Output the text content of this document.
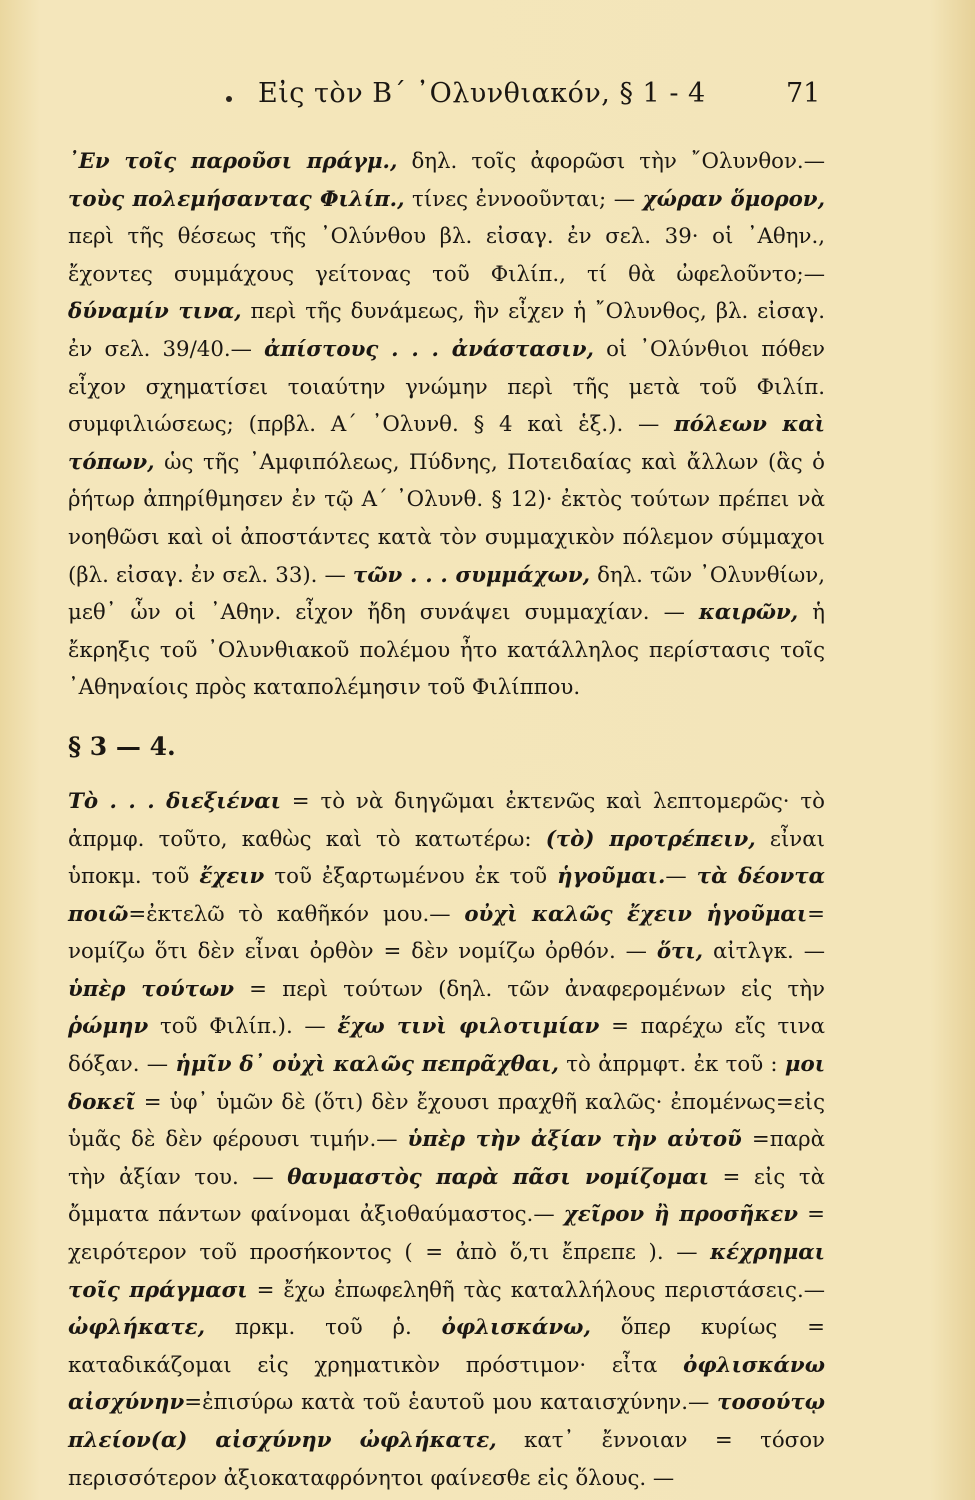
Εἰς τὸν Β´ ᾿Ολυνθιακόν, § 1 - 4	71

᾿Εν τοῖς παροῦσι πράγμ., δηλ. τοῖς ἀφορῶσι τὴν ῎Ολυνθον.— τοὺς πολεμήσαντας Φιλίπ., τίνες ἐννοοῦνται; — χώραν ὅμορον, περὶ τῆς θέσεως τῆς ᾿Ολύνθου βλ. εἰσαγ. ἐν σελ. 39· οἱ ᾿Αθην., ἔχοντες συμμάχους γείτονας τοῦ Φιλίπ., τί θὰ ὠφελοῦντο;— δύναμίν τινα, περὶ τῆς δυνάμεως, ἣν εἶχεν ἡ ῎Ολυνθος, βλ. εἰσαγ. ἐν σελ. 39/40.— ἀπίστους . . . ἀνάστασιν, οἱ ᾿Ολύνθιοι πόθεν εἶχον σχηματίσει τοιαύτην γνώμην περὶ τῆς μετὰ τοῦ Φιλίπ. συμφιλιώσεως; (πρβλ. Α´ ᾿Ολυνθ. § 4 καὶ ἑξ.). — πόλεων καὶ τόπων, ὡς τῆς ᾿Αμφιπόλεως, Πύδνης, Ποτειδαίας καὶ ἄλλων (ἃς ὁ ῥήτωρ ἀπηρίθμησεν ἐν τῷ Α´ ᾿Ολυνθ. § 12)· ἐκτὸς τούτων πρέπει νὰ νοηθῶσι καὶ οἱ ἀποστάντες κατὰ τὸν συμμαχικὸν πόλεμον σύμμαχοι (βλ. εἰσαγ. ἐν σελ. 33). — τῶν . . . συμμάχων, δηλ. τῶν ᾿Ολυνθίων, μεθ᾿ ὧν οἱ ᾿Αθην. εἶχον ἤδη συνάψει συμμαχίαν. — καιρῶν, ἡ ἔκρηξις τοῦ ᾿Ολυνθιακοῦ πολέμου ἦτο κατάλληλος περίστασις τοῖς ᾿Αθηναίοις πρὸς καταπολέμησιν τοῦ Φιλίππου.

§ 3 — 4.

Τὸ . . . διεξιέναι = τὸ νὰ διηγῶμαι ἐκτενῶς καὶ λεπτομερῶς· τὸ ἀπρμφ. τοῦτο, καθὼς καὶ τὸ κατωτέρω: (τὸ) προτρέπειν, εἶναι ὑποκμ. τοῦ ἔχειν τοῦ ἐξαρτωμένου ἐκ τοῦ ἡγοῦμαι.— τὰ δέοντα ποιῶ=ἐκτελῶ τὸ καθῆκόν μου.— οὐχὶ καλῶς ἔχειν ἡγοῦμαι= νομίζω ὅτι δὲν εἶναι ὀρθὸν = δὲν νομίζω ὀρθόν. — ὅτι, αἰτλγκ. — ὑπὲρ τούτων = περὶ τούτων (δηλ. τῶν ἀναφερομένων εἰς τὴν ῥώμην τοῦ Φιλίπ.). — ἔχω τινὶ φιλοτιμίαν = παρέχω εἴς τινα δόξαν. — ἡμῖν δ᾿ οὐχὶ καλῶς πεπρᾶχθαι, τὸ ἀπρμφτ. ἐκ τοῦ : μοι δοκεῖ = ὑφ᾿ ὑμῶν δὲ (ὅτι) δὲν ἔχουσι πραχθῆ καλῶς· ἐπομένως=εἰς ὑμᾶς δὲ δὲν φέρουσι τιμήν.— ὑπὲρ τὴν ἀξίαν τὴν αὐτοῦ =παρὰ τὴν ἀξίαν του. — θαυμαστὸς παρὰ πᾶσι νομίζομαι = εἰς τὰ ὄμματα πάντων φαίνομαι ἀξιοθαύμαστος.— χεῖρον ἢ προσῆκεν = χειρότερον τοῦ προσήκοντος ( = ἀπὸ ὅ,τι ἔπρεπε ). — κέχρημαι τοῖς πράγμασι = ἔχω ἐπωφεληθῆ τὰς καταλλήλους περιστάσεις.— ὠφλήκατε, πρκμ. τοῦ ῥ. ὀφλισκάνω, ὅπερ κυρίως = καταδικάζομαι εἰς χρηματικὸν πρόστιμον· εἶτα ὀφλισκάνω αἰσχύνην=ἐπισύρω κατὰ τοῦ ἑαυτοῦ μου καταισχύνην.— τοσούτῳ πλείον(α) αἰσχύνην ὠφλήκατε, κατ᾿ ἔννοιαν = τόσον περισσότερον ἀξιοκαταφρόνητοι φαίνεσθε εἰς ὅλους. —
